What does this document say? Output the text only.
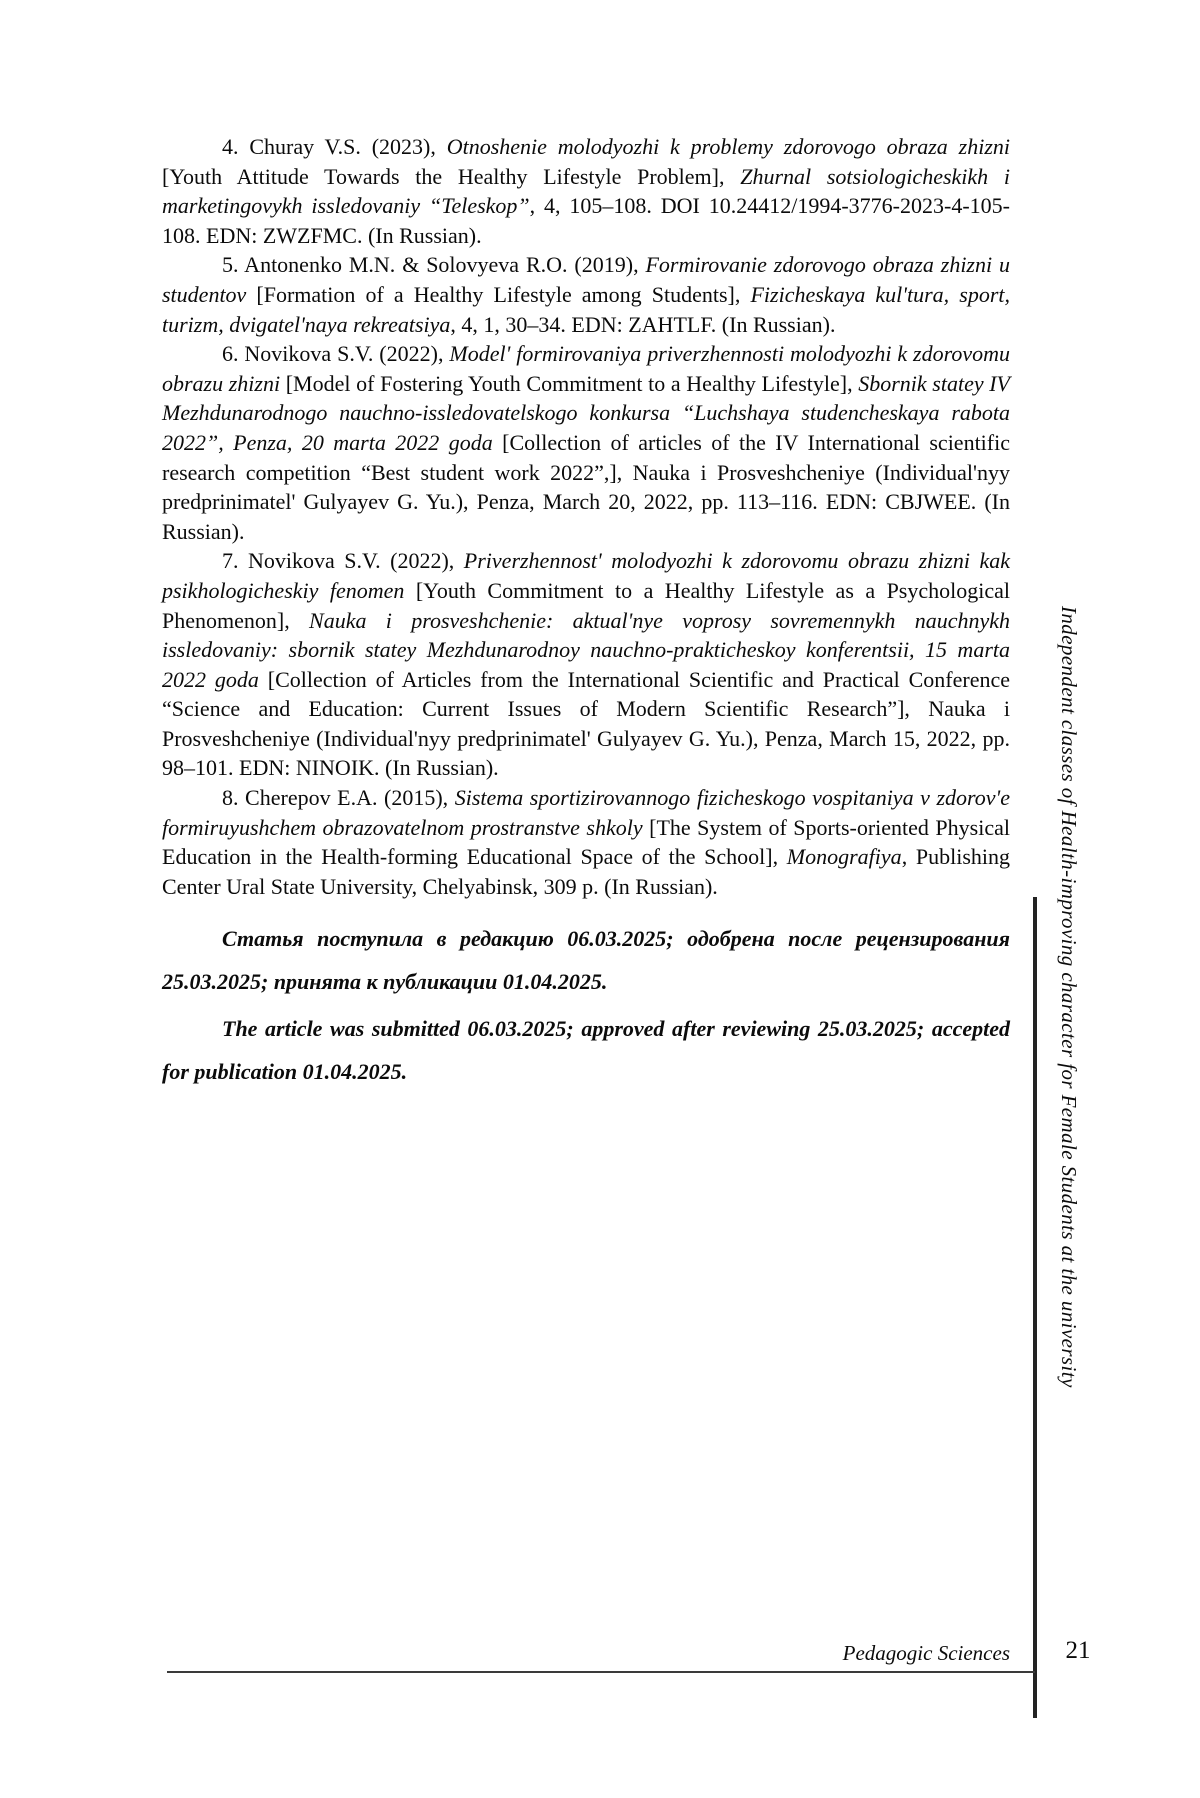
4. Churay V.S. (2023), Otnoshenie molodyozhi k problemy zdorovogo obraza zhizni [Youth Attitude Towards the Healthy Lifestyle Problem], Zhurnal sotsiologicheskikh i marketingovykh issledovaniy “Teleskop”, 4, 105–108. DOI 10.24412/1994-3776-2023-4-105-108. EDN: ZWZFMC. (In Russian).

5. Antonenko M.N. & Solovyeva R.O. (2019), Formirovanie zdorovogo obraza zhizni u studentov [Formation of a Healthy Lifestyle among Students], Fizicheskaya kul'tura, sport, turizm, dvigatel'naya rekreatsiya, 4, 1, 30–34. EDN: ZAHTLF. (In Russian).

6. Novikova S.V. (2022), Model' formirovaniya priverzhennosti molodyozhi k zdorovomu obrazu zhizni [Model of Fostering Youth Commitment to a Healthy Lifestyle], Sbornik statey IV Mezhdunarodnogo nauchno-issledovatelskogo konkursa “Luchshaya studencheskaya rabota 2022”, Penza, 20 marta 2022 goda [Collection of articles of the IV International scientific research competition “Best student work 2022”,], Nauka i Prosveshcheniye (Individual'nyy predprinimatel' Gulyayev G. Yu.), Penza, March 20, 2022, pp. 113–116. EDN: CBJWEE. (In Russian).

7. Novikova S.V. (2022), Priverzhennost' molodyozhi k zdorovomu obrazu zhizni kak psikhologicheskiy fenomen [Youth Commitment to a Healthy Lifestyle as a Psychological Phenomenon], Nauka i prosveshchenie: aktual'nye voprosy sovremennykh nauchnykh issledovaniy: sbornik statey Mezhdunarodnoy nauchno-prakticheskoy konferentsii, 15 marta 2022 goda [Collection of Articles from the International Scientific and Practical Conference “Science and Education: Current Issues of Modern Scientific Research”], Nauka i Prosveshcheniye (Individual'nyy predprinimatel' Gulyayev G. Yu.), Penza, March 15, 2022, pp. 98–101. EDN: NINOIK. (In Russian).

8. Cherepov E.A. (2015), Sistema sportizirovannogo fizicheskogo vospitaniya v zdorov'e formiruyushchem obrazovatelnom prostranstve shkoly [The System of Sports-oriented Physical Education in the Health-forming Educational Space of the School], Monografiya, Publishing Center Ural State University, Chelyabinsk, 309 p. (In Russian).

Статья поступила в редакцию 06.03.2025; одобрена после рецензирования 25.03.2025; принята к публикации 01.04.2025.

The article was submitted 06.03.2025; approved after reviewing 25.03.2025; accepted for publication 01.04.2025.	Independent classes of Health-improving character for Female Students at the university
Pedagogic Sciences	21
